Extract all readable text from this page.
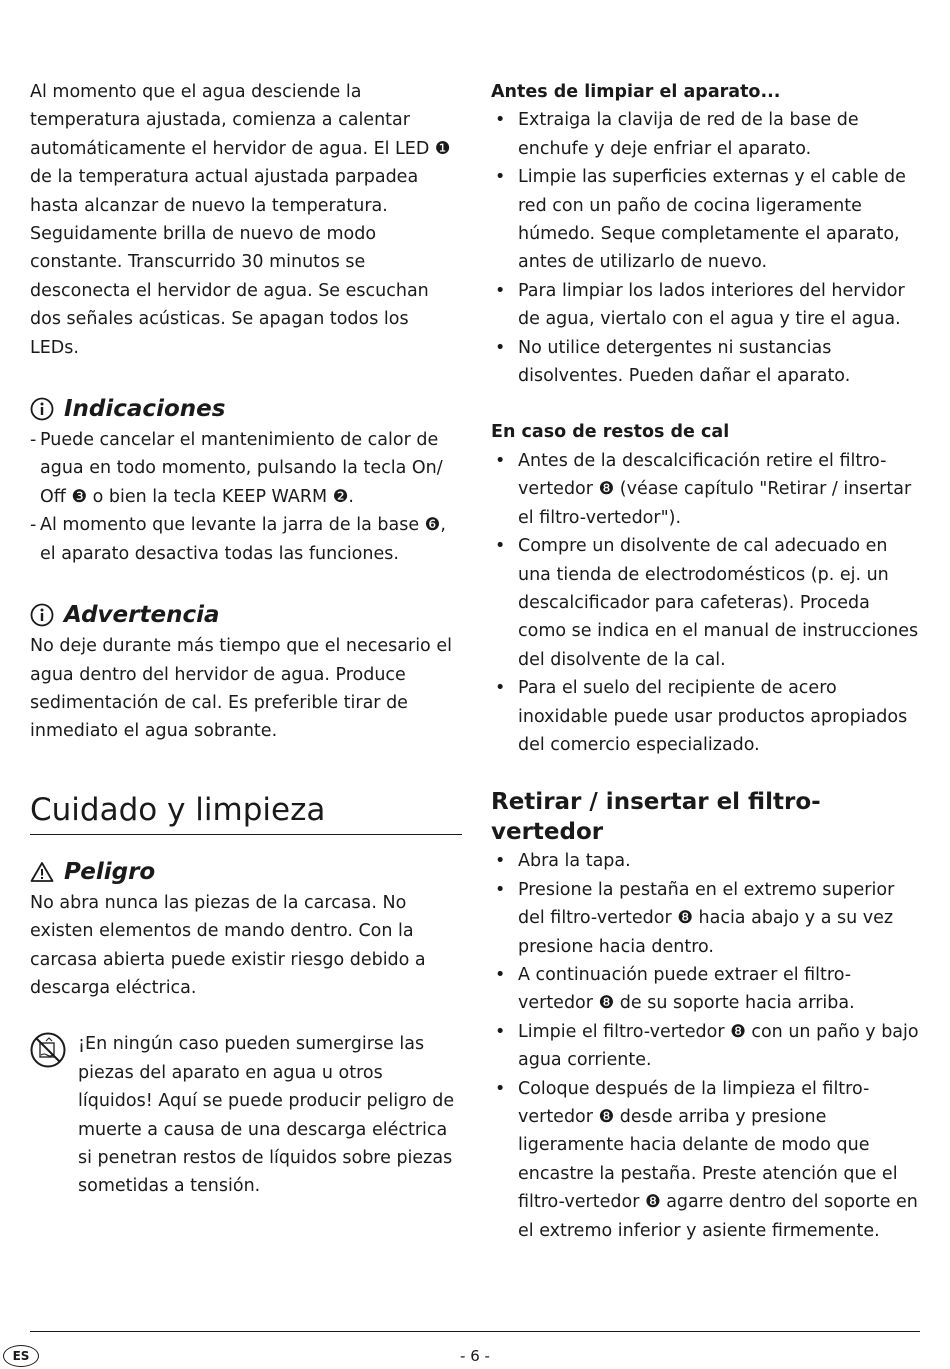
Al momento que el agua desciende la temperatura ajustada, comienza a calentar automáticamente el hervidor de agua. El LED ❶ de la temperatura actual ajustada parpadea hasta alcanzar de nuevo la temperatura. Seguidamente brilla de nuevo de modo constante. Transcurrido 30 minutos se desconecta el hervidor de agua. Se escuchan dos señales acústicas. Se apagan todos los LEDs.

Indicaciones
- Puede cancelar el mantenimiento de calor de agua en todo momento, pulsando la tecla On/ Off ❸ o bien la tecla KEEP WARM ❷.
- Al momento que levante la jarra de la base ❻, el aparato desactiva todas las funciones.
Advertencia

No deje durante más tiempo que el necesario el agua dentro del hervidor de agua. Produce sedimentación de cal. Es preferible tirar de inmediato el agua sobrante.

Cuidado y limpieza
Peligro

No abra nunca las piezas de la carcasa. No existen elementos de mando dentro. Con la carcasa abierta puede existir riesgo debido a descarga eléctrica.

¡En ningún caso pueden sumergirse las piezas del aparato en agua u otros líquidos! Aquí se puede producir peligro de muerte a causa de una descarga eléctrica si penetran restos de líquidos sobre piezas sometidas a tensión.
Antes de limpiar el aparato...
• Extraiga la clavija de red de la base de enchufe y deje enfriar el aparato.
• Limpie las superficies externas y el cable de red con un paño de cocina ligeramente húmedo. Seque completamente el aparato, antes de utilizarlo de nuevo.
• Para limpiar los lados interiores del hervidor de agua, viertalo con el agua y tire el agua.
• No utilice detergentes ni sustancias disolventes. Pueden dañar el aparato.
En caso de restos de cal
• Antes de la descalcificación retire el filtro-vertedor ❽ (véase capítulo "Retirar / insertar el filtro-vertedor").
• Compre un disolvente de cal adecuado en una tienda de electrodomésticos (p. ej. un descalcificador para cafeteras). Proceda como se indica en el manual de instrucciones del disolvente de la cal.
• Para el suelo del recipiente de acero inoxidable puede usar productos apropiados del comercio especializado.
Retirar / insertar el filtro-vertedor
• Abra la tapa.
• Presione la pestaña en el extremo superior del filtro-vertedor ❽ hacia abajo y a su vez presione hacia dentro.
• A continuación puede extraer el filtro-vertedor ❽ de su soporte hacia arriba.
• Limpie el filtro-vertedor ❽ con un paño y bajo agua corriente.
• Coloque después de la limpieza el filtro-vertedor ❽ desde arriba y presione ligeramente hacia delante de modo que encastre la pestaña. Preste atención que el filtro-vertedor ❽ agarre dentro del soporte en el extremo inferior y asiente firmemente.
ES	- 6 -
